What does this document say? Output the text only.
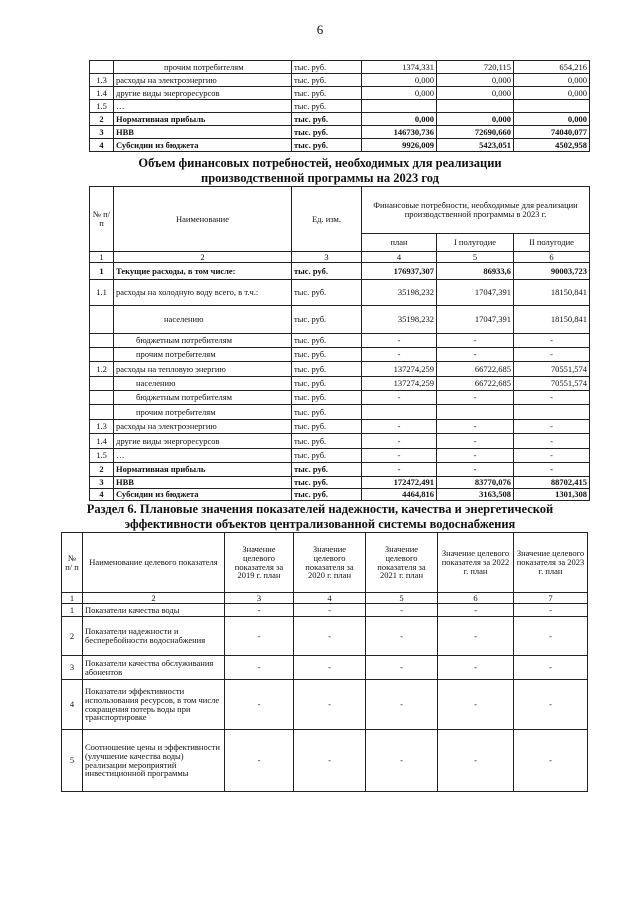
6
	прочим потребителям	тыс. руб.	1374,331	720,115	654,216
1.3	расходы на электроэнергию	тыс. руб.	0,000	0,000	0,000
1.4	другие виды энергоресурсов	тыс. руб.	0,000	0,000	0,000
1.5	…	тыс. руб.			
2	Нормативная прибыль	тыс. руб.	0,000	0,000	0,000
3	НВВ	тыс. руб.	146730,736	72690,660	74040,077
4	Субсидии из бюджета	тыс. руб.	9926,009	5423,051	4502,958
Объем финансовых потребностей, необходимых для реализации
производственной программы на 2023 год
№ п/п	Наименование	Ед. изм.	Финансовые потребности, необходимые для реализации производственной программы в 2023 г.		
			план	I полугодие	II полугодие
1	2	3	4	5	6
1	Текущие расходы, в том числе:	тыс. руб.	176937,307	86933,6	90003,723
1.1	расходы на холодную воду всего, в т.ч.:	тыс. руб.	35198,232	17047,391	18150,841
	населению	тыс. руб.	35198,232	17047,391	18150,841
	бюджетным потребителям	тыс. руб.	-	-	-
	прочим потребителям	тыс. руб.	-	-	-
1.2	расходы на тепловую энергию	тыс. руб.	137274,259	66722,685	70551,574
	населению	тыс. руб.	137274,259	66722,685	70551,574
	бюджетным потребителям	тыс. руб.	-	-	-
	прочим потребителям	тыс. руб.			
1.3	расходы на электроэнергию	тыс. руб.	-	-	-
1.4	другие виды энергоресурсов	тыс. руб.	-	-	-
1.5	…	тыс. руб.	-	-	-
2	Нормативная прибыль	тыс. руб.	-	-	-
3	НВВ	тыс. руб.	172472,491	83770,076	88702,415
4	Субсидии из бюджета	тыс. руб.	4464,816	3163,508	1301,308
Раздел 6. Плановые значения показателей надежности, качества и энергетической
эффективности объектов централизованной системы водоснабжения
№ п/ п	Наименование целевого показателя	Значение целевого показателя за 2019 г. план	Значение целевого показателя за 2020 г. план	Значение целевого показателя за 2021 г. план	Значение целевого показателя за 2022 г. план	Значение целевого показателя за 2023 г. план
1	2	3	4	5	6	7
1	Показатели качества воды	-	-	-	-	-
2	Показатели надежности и бесперебойности водоснабжения	-	-	-	-	-
3	Показатели качества обслуживания абонентов	-	-	-	-	-
4	Показатели эффективности использования ресурсов, в том числе сокращения потерь воды при транспортировке	-	-	-	-	-
5	Соотношение цены и эффективности (улучшение качества воды) реализации мероприятий инвестиционной программы	-	-	-	-	-
